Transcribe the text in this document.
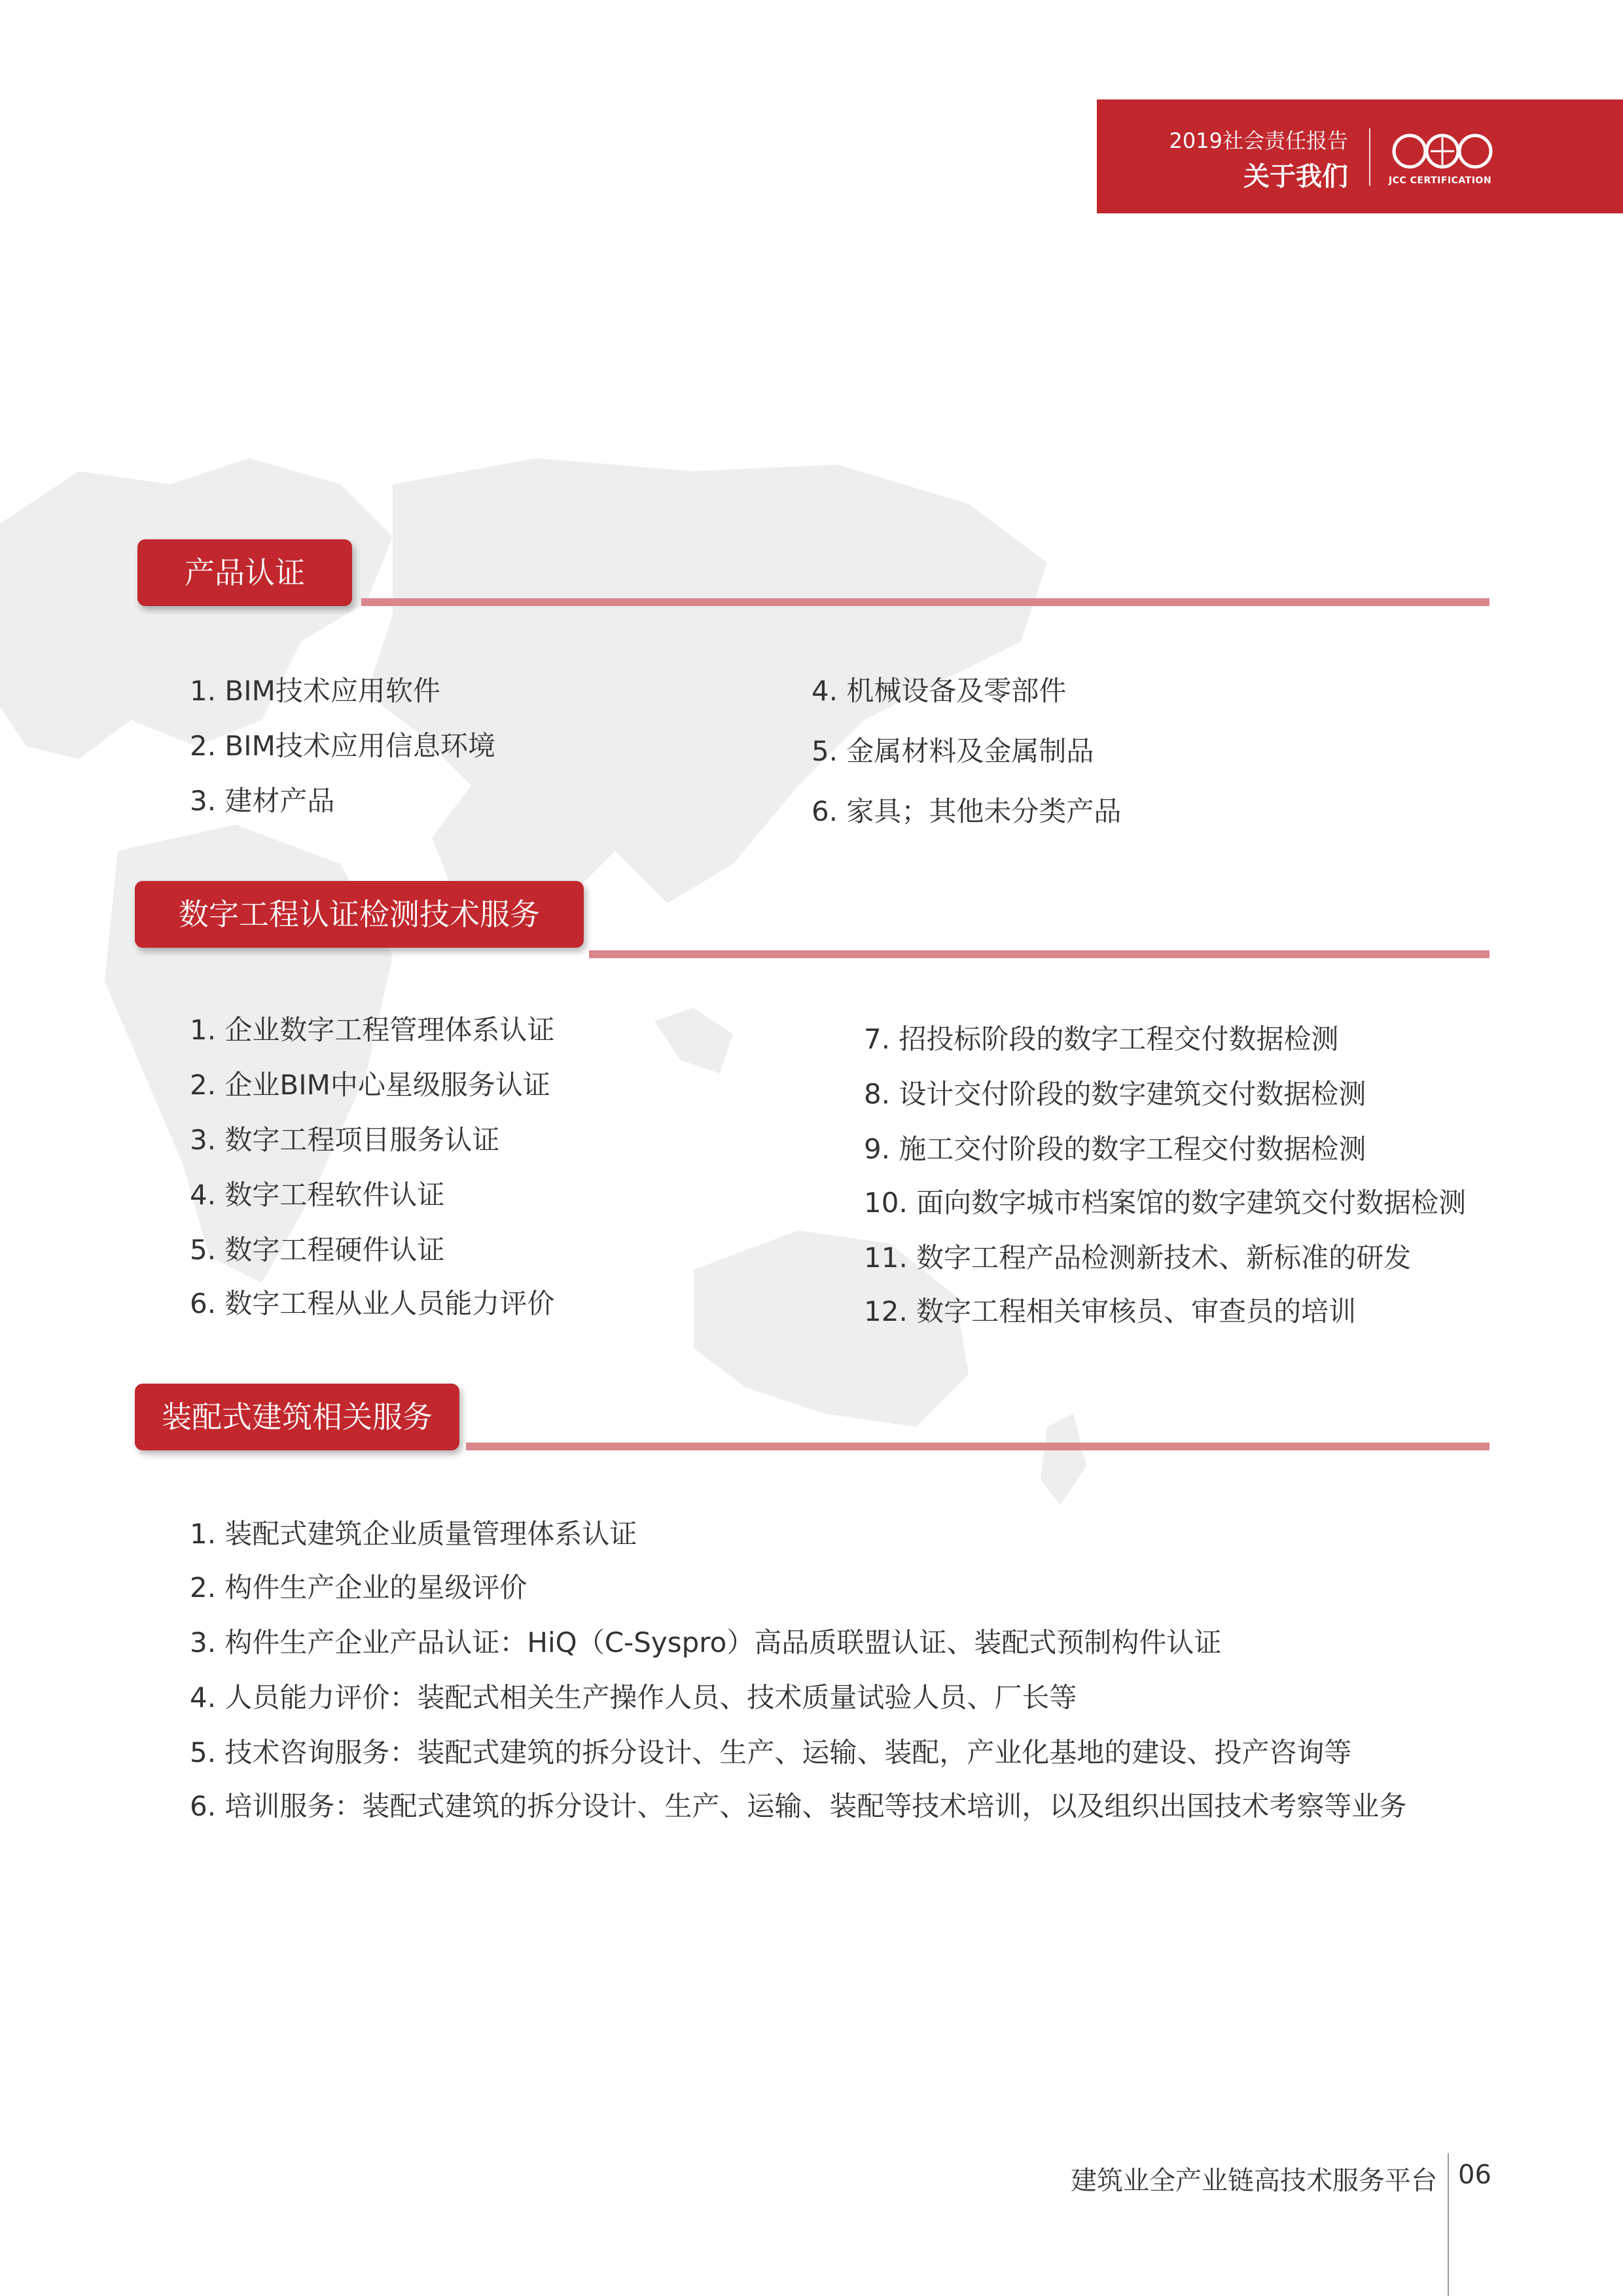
2019社会责任报告
关于我们	JCC CERTIFICATION
产品认证
1. BIM技术应用软件
2. BIM技术应用信息环境
3. 建材产品
4. 机械设备及零部件
5. 金属材料及金属制品
6. 家具；其他未分类产品
数字工程认证检测技术服务
1. 企业数字工程管理体系认证
2. 企业BIM中心星级服务认证
3. 数字工程项目服务认证
4. 数字工程软件认证
5. 数字工程硬件认证
6. 数字工程从业人员能力评价
7. 招投标阶段的数字工程交付数据检测
8. 设计交付阶段的数字建筑交付数据检测
9. 施工交付阶段的数字工程交付数据检测
10. 面向数字城市档案馆的数字建筑交付数据检测
11. 数字工程产品检测新技术、新标准的研发
12. 数字工程相关审核员、审查员的培训
装配式建筑相关服务
1. 装配式建筑企业质量管理体系认证
2. 构件生产企业的星级评价
3. 构件生产企业产品认证：HiQ（C-Syspro）高品质联盟认证、装配式预制构件认证
4. 人员能力评价：装配式相关生产操作人员、技术质量试验人员、厂长等
5. 技术咨询服务：装配式建筑的拆分设计、生产、运输、装配，产业化基地的建设、投产咨询等
6. 培训服务：装配式建筑的拆分设计、生产、运输、装配等技术培训，以及组织出国技术考察等业务
建筑业全产业链高技术服务平台 06
